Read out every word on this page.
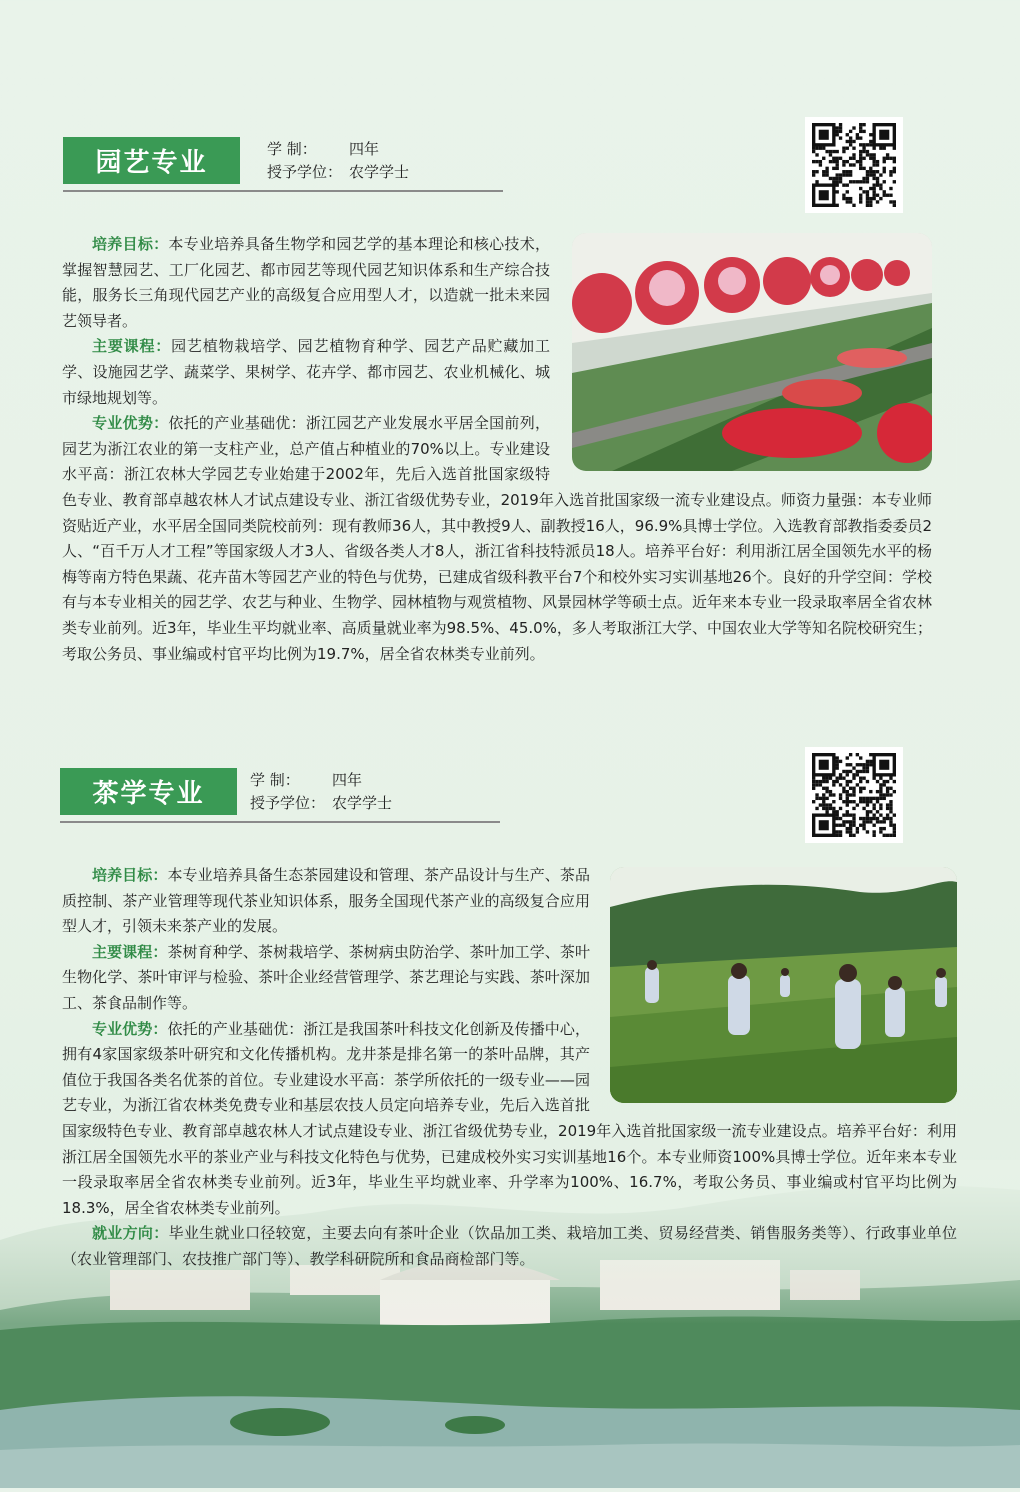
园艺专业	学 制： 四年
授予学位： 农学学士

培养目标：本专业培养具备生物学和园艺学的基本理论和核心技术，掌握智慧园艺、工厂化园艺、都市园艺等现代园艺知识体系和生产综合技能，服务长三角现代园艺产业的高级复合应用型人才，以造就一批未来园艺领导者。

主要课程：园艺植物栽培学、园艺植物育种学、园艺产品贮藏加工学、设施园艺学、蔬菜学、果树学、花卉学、都市园艺、农业机械化、城市绿地规划等。

专业优势：依托的产业基础优：浙江园艺产业发展水平居全国前列，园艺为浙江农业的第一支柱产业，总产值占种植业的70%以上。专业建设水平高：浙江农林大学园艺专业始建于2002年，先后入选首批国家级特色专业、教育部卓越农林人才试点建设专业、浙江省级优势专业，2019年入选首批国家级一流专业建设点。师资力量强：本专业师资贴近产业，水平居全国同类院校前列：现有教师36人，其中教授9人、副教授16人，96.9%具博士学位。入选教育部教指委委员2人、“百千万人才工程”等国家级人才3人、省级各类人才8人，浙江省科技特派员18人。培养平台好：利用浙江居全国领先水平的杨梅等南方特色果蔬、花卉苗木等园艺产业的特色与优势，已建成省级科教平台7个和校外实习实训基地26个。良好的升学空间：学校有与本专业相关的园艺学、农艺与种业、生物学、园林植物与观赏植物、风景园林学等硕士点。近年来本专业一段录取率居全省农林类专业前列。近3年，毕业生平均就业率、高质量就业率为98.5%、45.0%，多人考取浙江大学、中国农业大学等知名院校研究生；考取公务员、事业编或村官平均比例为19.7%，居全省农林类专业前列。

茶学专业	学 制： 四年
授予学位： 农学学士

培养目标：本专业培养具备生态茶园建设和管理、茶产品设计与生产、茶品质控制、茶产业管理等现代茶业知识体系，服务全国现代茶产业的高级复合应用型人才，引领未来茶产业的发展。

主要课程：茶树育种学、茶树栽培学、茶树病虫防治学、茶叶加工学、茶叶生物化学、茶叶审评与检验、茶叶企业经营管理学、茶艺理论与实践、茶叶深加工、茶食品制作等。

专业优势：依托的产业基础优：浙江是我国茶叶科技文化创新及传播中心，拥有4家国家级茶叶研究和文化传播机构。龙井茶是排名第一的茶叶品牌，其产值位于我国各类名优茶的首位。专业建设水平高：茶学所依托的一级专业——园艺专业，为浙江省农林类免费专业和基层农技人员定向培养专业，先后入选首批国家级特色专业、教育部卓越农林人才试点建设专业、浙江省级优势专业，2019年入选首批国家级一流专业建设点。培养平台好：利用浙江居全国领先水平的茶业产业与科技文化特色与优势，已建成校外实习实训基地16个。本专业师资100%具博士学位。近年来本专业一段录取率居全省农林类专业前列。近3年，毕业生平均就业率、升学率为100%、16.7%，考取公务员、事业编或村官平均比例为18.3%，居全省农林类专业前列。

就业方向：毕业生就业口径较宽，主要去向有茶叶企业（饮品加工类、栽培加工类、贸易经营类、销售服务类等）、行政事业单位（农业管理部门、农技推广部门等）、教学科研院所和食品商检部门等。
